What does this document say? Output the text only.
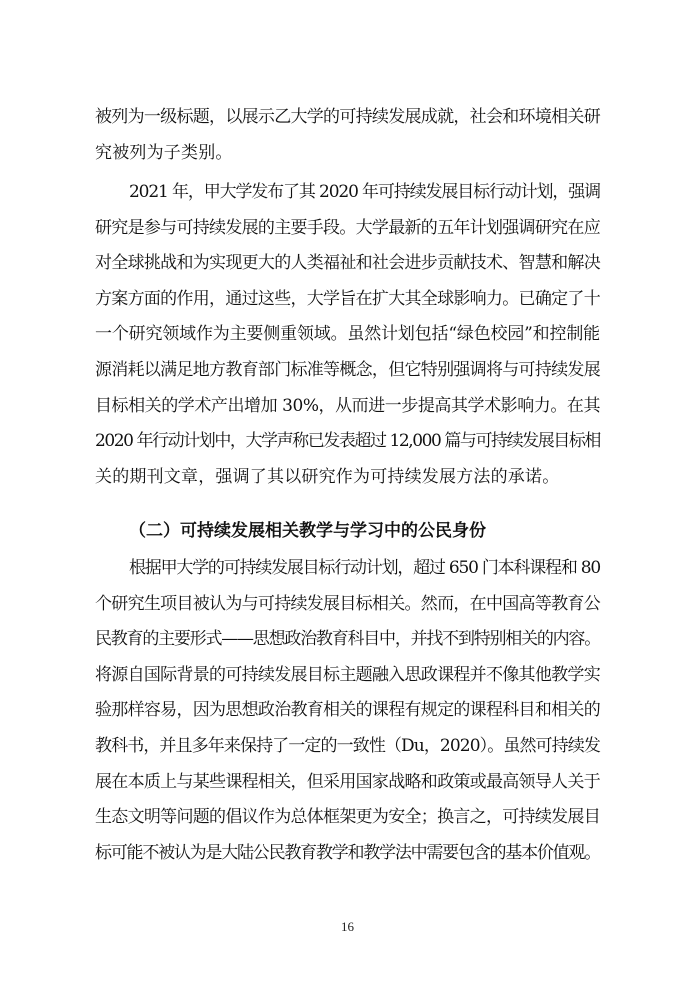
被列为一级标题，以展示乙大学的可持续发展成就，社会和环境相关研
究被列为子类别。
2021 年，甲大学发布了其 2020 年可持续发展目标行动计划，强调
研究是参与可持续发展的主要手段。大学最新的五年计划强调研究在应
对全球挑战和为实现更大的人类福祉和社会进步贡献技术、智慧和解决
方案方面的作用，通过这些，大学旨在扩大其全球影响力。已确定了十
一个研究领域作为主要侧重领域。虽然计划包括“绿色校园”和控制能
源消耗以满足地方教育部门标准等概念，但它特别强调将与可持续发展
目标相关的学术产出增加 30%，从而进一步提高其学术影响力。在其
2020 年行动计划中，大学声称已发表超过 12,000 篇与可持续发展目标相
关的期刊文章，强调了其以研究作为可持续发展方法的承诺。
（二）可持续发展相关教学与学习中的公民身份
根据甲大学的可持续发展目标行动计划，超过 650 门本科课程和 80
个研究生项目被认为与可持续发展目标相关。然而，在中国高等教育公
民教育的主要形式——思想政治教育科目中，并找不到特别相关的内容。
将源自国际背景的可持续发展目标主题融入思政课程并不像其他教学实
验那样容易，因为思想政治教育相关的课程有规定的课程科目和相关的
教科书，并且多年来保持了一定的一致性（Du，2020）。虽然可持续发
展在本质上与某些课程相关，但采用国家战略和政策或最高领导人关于
生态文明等问题的倡议作为总体框架更为安全；换言之，可持续发展目
标可能不被认为是大陆公民教育教学和教学法中需要包含的基本价值观。
16
